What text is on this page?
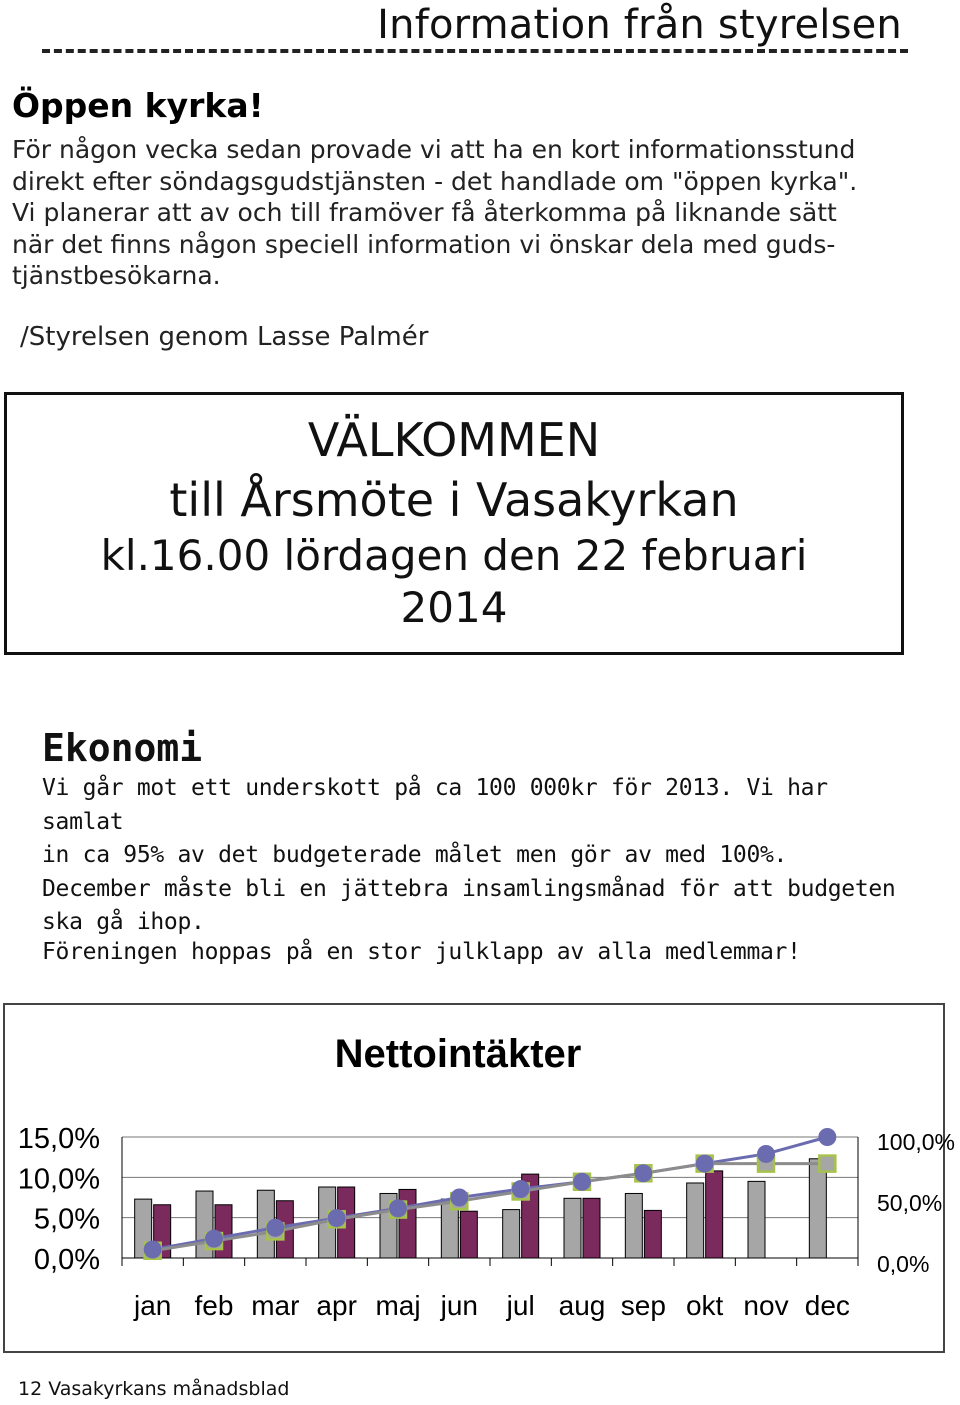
Information från styrelsen
Öppen kyrka!
För någon vecka sedan provade vi att ha en kort informationsstund
direkt efter söndagsgudstjänsten - det handlade om "öppen kyrka".
Vi planerar att av och till framöver få återkomma på liknande sätt
när det finns någon speciell information vi önskar dela med guds-
tjänstbesökarna.
/Styrelsen genom Lasse Palmér
VÄLKOMMEN
till Årsmöte i Vasakyrkan
kl.16.00 lördagen den 22 februari
2014
Ekonomi
Vi går mot ett underskott på ca 100 000kr för 2013. Vi har samlat
in ca 95% av det budgeterade målet men gör av med 100%.
December måste bli en jättebra insamlingsmånad för att budgeten
ska gå ihop.
Föreningen hoppas på en stor julklapp av alla medlemmar!
Nettointäkter
15,0%
10,0%
5,0%
0,0%
100,0%
50,0%
0,0%
jan feb mar apr maj jun jul aug sep okt nov dec
12 Vasakyrkans månadsblad
